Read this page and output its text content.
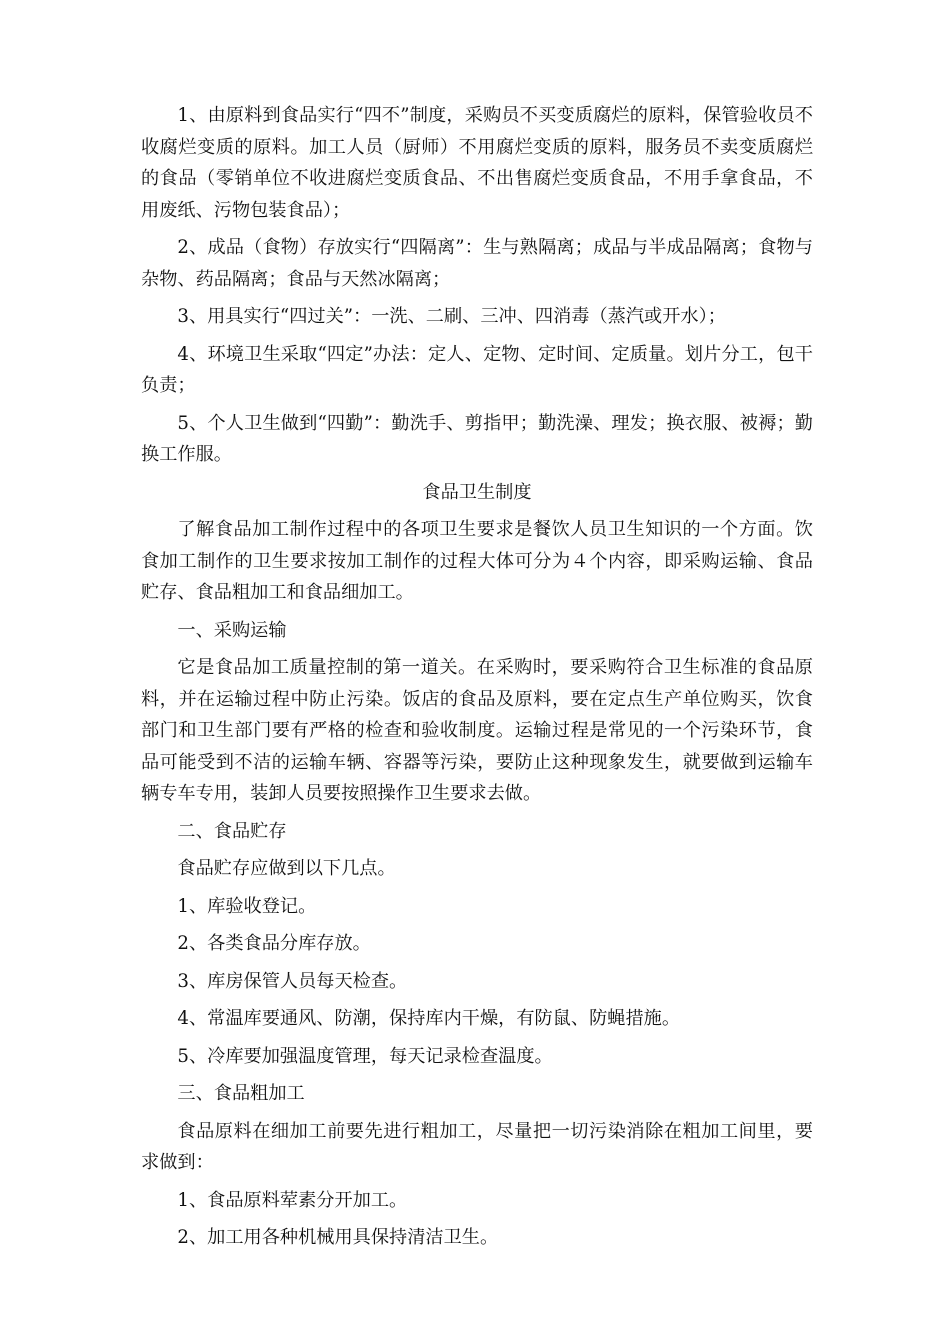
1、由原料到食品实行“四不”制度，采购员不买变质腐烂的原料，保管验收员不收腐烂变质的原料。加工人员（厨师）不用腐烂变质的原料，服务员不卖变质腐烂的食品（零销单位不收进腐烂变质食品、不出售腐烂变质食品，不用手拿食品，不用废纸、污物包装食品）；

2、成品（食物）存放实行“四隔离”：生与熟隔离；成品与半成品隔离；食物与杂物、药品隔离；食品与天然冰隔离；

3、用具实行“四过关”：一洗、二刷、三冲、四消毒（蒸汽或开水）；

4、环境卫生采取“四定”办法：定人、定物、定时间、定质量。划片分工，包干负责；

5、个人卫生做到“四勤”：勤洗手、剪指甲；勤洗澡、理发；换衣服、被褥；勤换工作服。

食品卫生制度

了解食品加工制作过程中的各项卫生要求是餐饮人员卫生知识的一个方面。饮食加工制作的卫生要求按加工制作的过程大体可分为４个内容，即采购运输、食品贮存、食品粗加工和食品细加工。

一、采购运输

它是食品加工质量控制的第一道关。在采购时，要采购符合卫生标准的食品原料，并在运输过程中防止污染。饭店的食品及原料，要在定点生产单位购买，饮食部门和卫生部门要有严格的检查和验收制度。运输过程是常见的一个污染环节，食品可能受到不洁的运输车辆、容器等污染，要防止这种现象发生，就要做到运输车辆专车专用，装卸人员要按照操作卫生要求去做。

二、食品贮存

食品贮存应做到以下几点。

1、库验收登记。

2、各类食品分库存放。

3、库房保管人员每天检查。

4、常温库要通风、防潮，保持库内干燥，有防鼠、防蝇措施。

5、冷库要加强温度管理，每天记录检查温度。

三、食品粗加工

食品原料在细加工前要先进行粗加工，尽量把一切污染消除在粗加工间里，要求做到：

1、食品原料荤素分开加工。

2、加工用各种机械用具保持清洁卫生。
